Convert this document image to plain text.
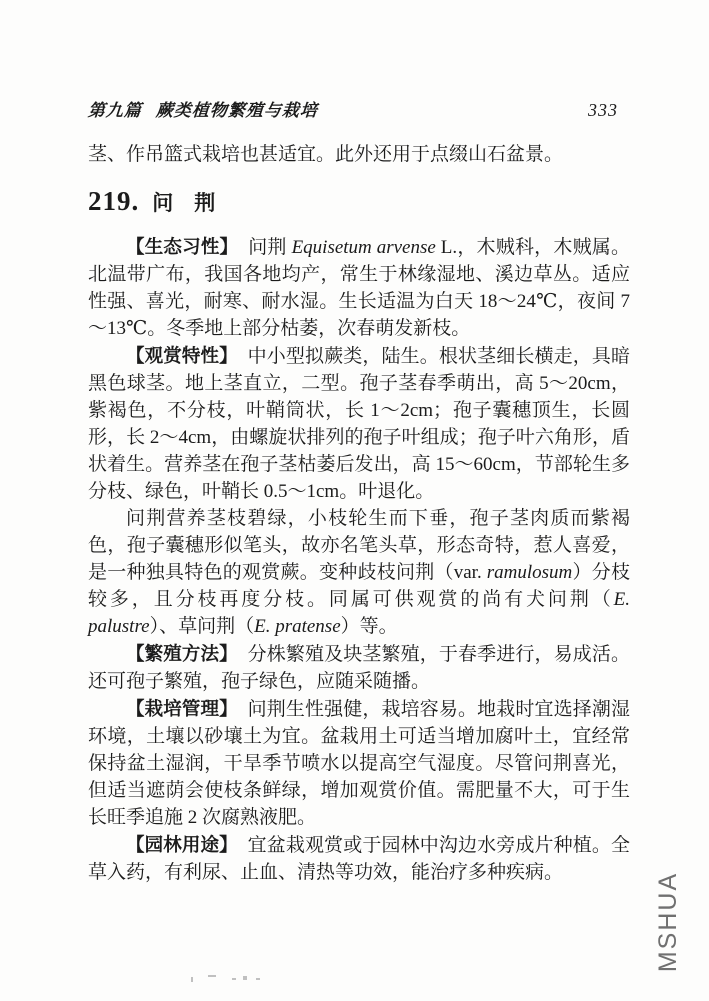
第九篇 蕨类植物繁殖与栽培	333

茎、作吊篮式栽培也甚适宜。此外还用于点缀山石盆景。

219. 问　荆

【生态习性】　问荆 Equisetum arvense L.，木贼科，木贼属。北温带广布，我国各地均产，常生于林缘湿地、溪边草丛。适应性强、喜光，耐寒、耐水湿。生长适温为白天 18～24℃，夜间 7～13℃。冬季地上部分枯萎，次春萌发新枝。

【观赏特性】　中小型拟蕨类，陆生。根状茎细长横走，具暗黑色球茎。地上茎直立，二型。孢子茎春季萌出，高 5～20cm，紫褐色，不分枝，叶鞘筒状，长 1～2cm；孢子囊穗顶生，长圆形，长 2～4cm，由螺旋状排列的孢子叶组成；孢子叶六角形，盾状着生。营养茎在孢子茎枯萎后发出，高 15～60cm，节部轮生多分枝、绿色，叶鞘长 0.5～1cm。叶退化。

问荆营养茎枝碧绿，小枝轮生而下垂，孢子茎肉质而紫褐色，孢子囊穗形似笔头，故亦名笔头草，形态奇特，惹人喜爱，是一种独具特色的观赏蕨。变种歧枝问荆（var. ramulosum）分枝较多，且分枝再度分枝。同属可供观赏的尚有犬问荆（E. palustre）、草问荆（E. pratense）等。

【繁殖方法】　分株繁殖及块茎繁殖，于春季进行，易成活。还可孢子繁殖，孢子绿色，应随采随播。

【栽培管理】　问荆生性强健，栽培容易。地栽时宜选择潮湿环境，土壤以砂壤土为宜。盆栽用土可适当增加腐叶土，宜经常保持盆土湿润，干旱季节喷水以提高空气湿度。尽管问荆喜光，但适当遮荫会使枝条鲜绿，增加观赏价值。需肥量不大，可于生长旺季追施 2 次腐熟液肥。

【园林用途】　宜盆栽观赏或于园林中沟边水旁成片种植。全草入药，有利尿、止血、清热等功效，能治疗多种疾病。	MSHUA
